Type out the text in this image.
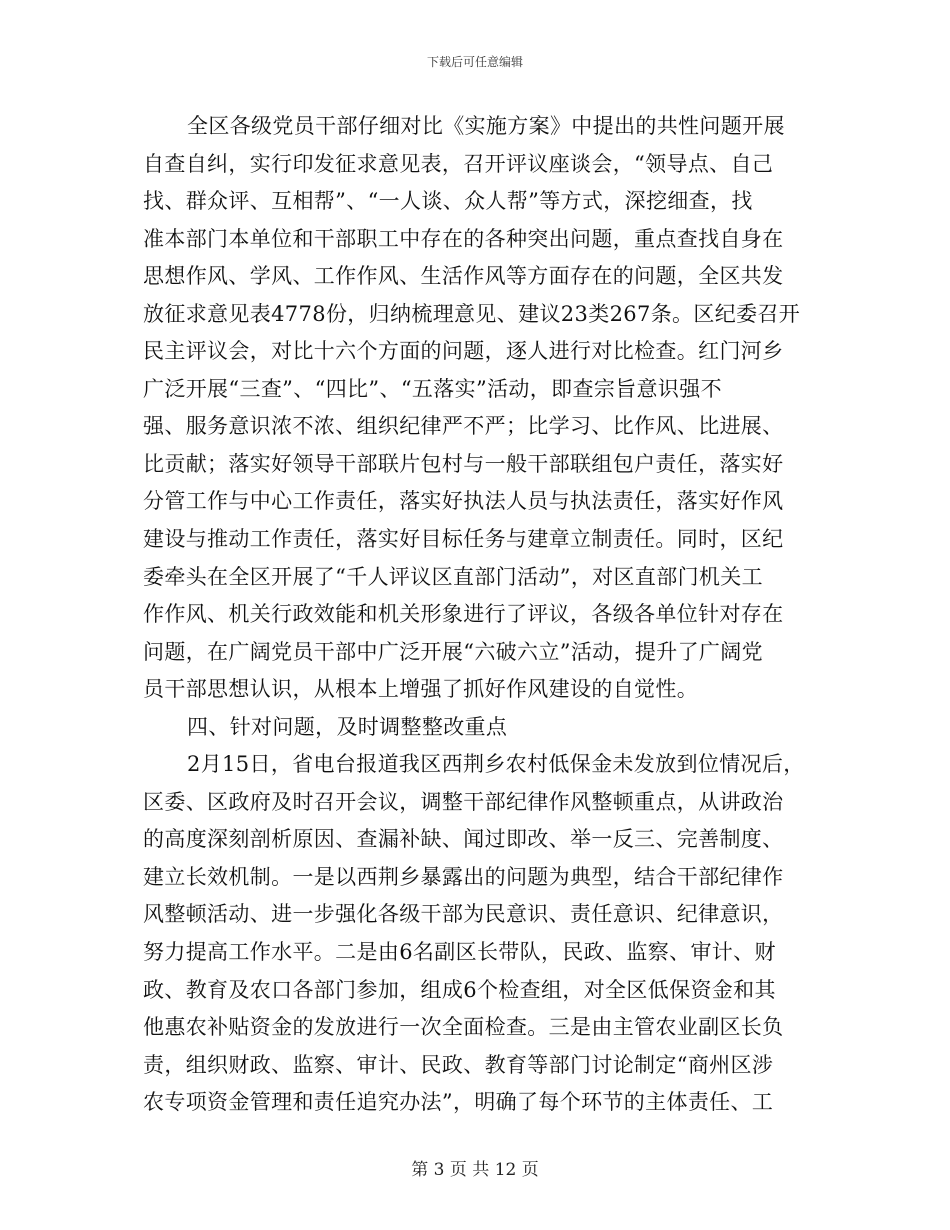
下载后可任意编辑
全区各级党员干部仔细对比《实施方案》中提出的共性问题开展
自查自纠，实行印发征求意见表，召开评议座谈会，“领导点、自己
找、群众评、互相帮”、“一人谈、众人帮”等方式，深挖细查，找
准本部门本单位和干部职工中存在的各种突出问题，重点查找自身在
思想作风、学风、工作作风、生活作风等方面存在的问题，全区共发
放征求意见表4778份，归纳梳理意见、建议23类267条。区纪委召开
民主评议会，对比十六个方面的问题，逐人进行对比检查。红门河乡
广泛开展“三查”、“四比”、“五落实”活动，即查宗旨意识强不
强、服务意识浓不浓、组织纪律严不严；比学习、比作风、比进展、
比贡献；落实好领导干部联片包村与一般干部联组包户责任，落实好
分管工作与中心工作责任，落实好执法人员与执法责任，落实好作风
建设与推动工作责任，落实好目标任务与建章立制责任。同时，区纪
委牵头在全区开展了“千人评议区直部门活动”，对区直部门机关工
作作风、机关行政效能和机关形象进行了评议，各级各单位针对存在
问题，在广阔党员干部中广泛开展“六破六立”活动，提升了广阔党
员干部思想认识，从根本上增强了抓好作风建设的自觉性。
四、针对问题，及时调整整改重点
2月15日，省电台报道我区西荆乡农村低保金未发放到位情况后，
区委、区政府及时召开会议，调整干部纪律作风整顿重点，从讲政治
的高度深刻剖析原因、查漏补缺、闻过即改、举一反三、完善制度、
建立长效机制。一是以西荆乡暴露出的问题为典型，结合干部纪律作
风整顿活动、进一步强化各级干部为民意识、责任意识、纪律意识，
努力提高工作水平。二是由6名副区长带队，民政、监察、审计、财
政、教育及农口各部门参加，组成6个检查组，对全区低保资金和其
他惠农补贴资金的发放进行一次全面检查。三是由主管农业副区长负
责，组织财政、监察、审计、民政、教育等部门讨论制定“商州区涉
农专项资金管理和责任追究办法”，明确了每个环节的主体责任、工
第 3 页 共 12 页
